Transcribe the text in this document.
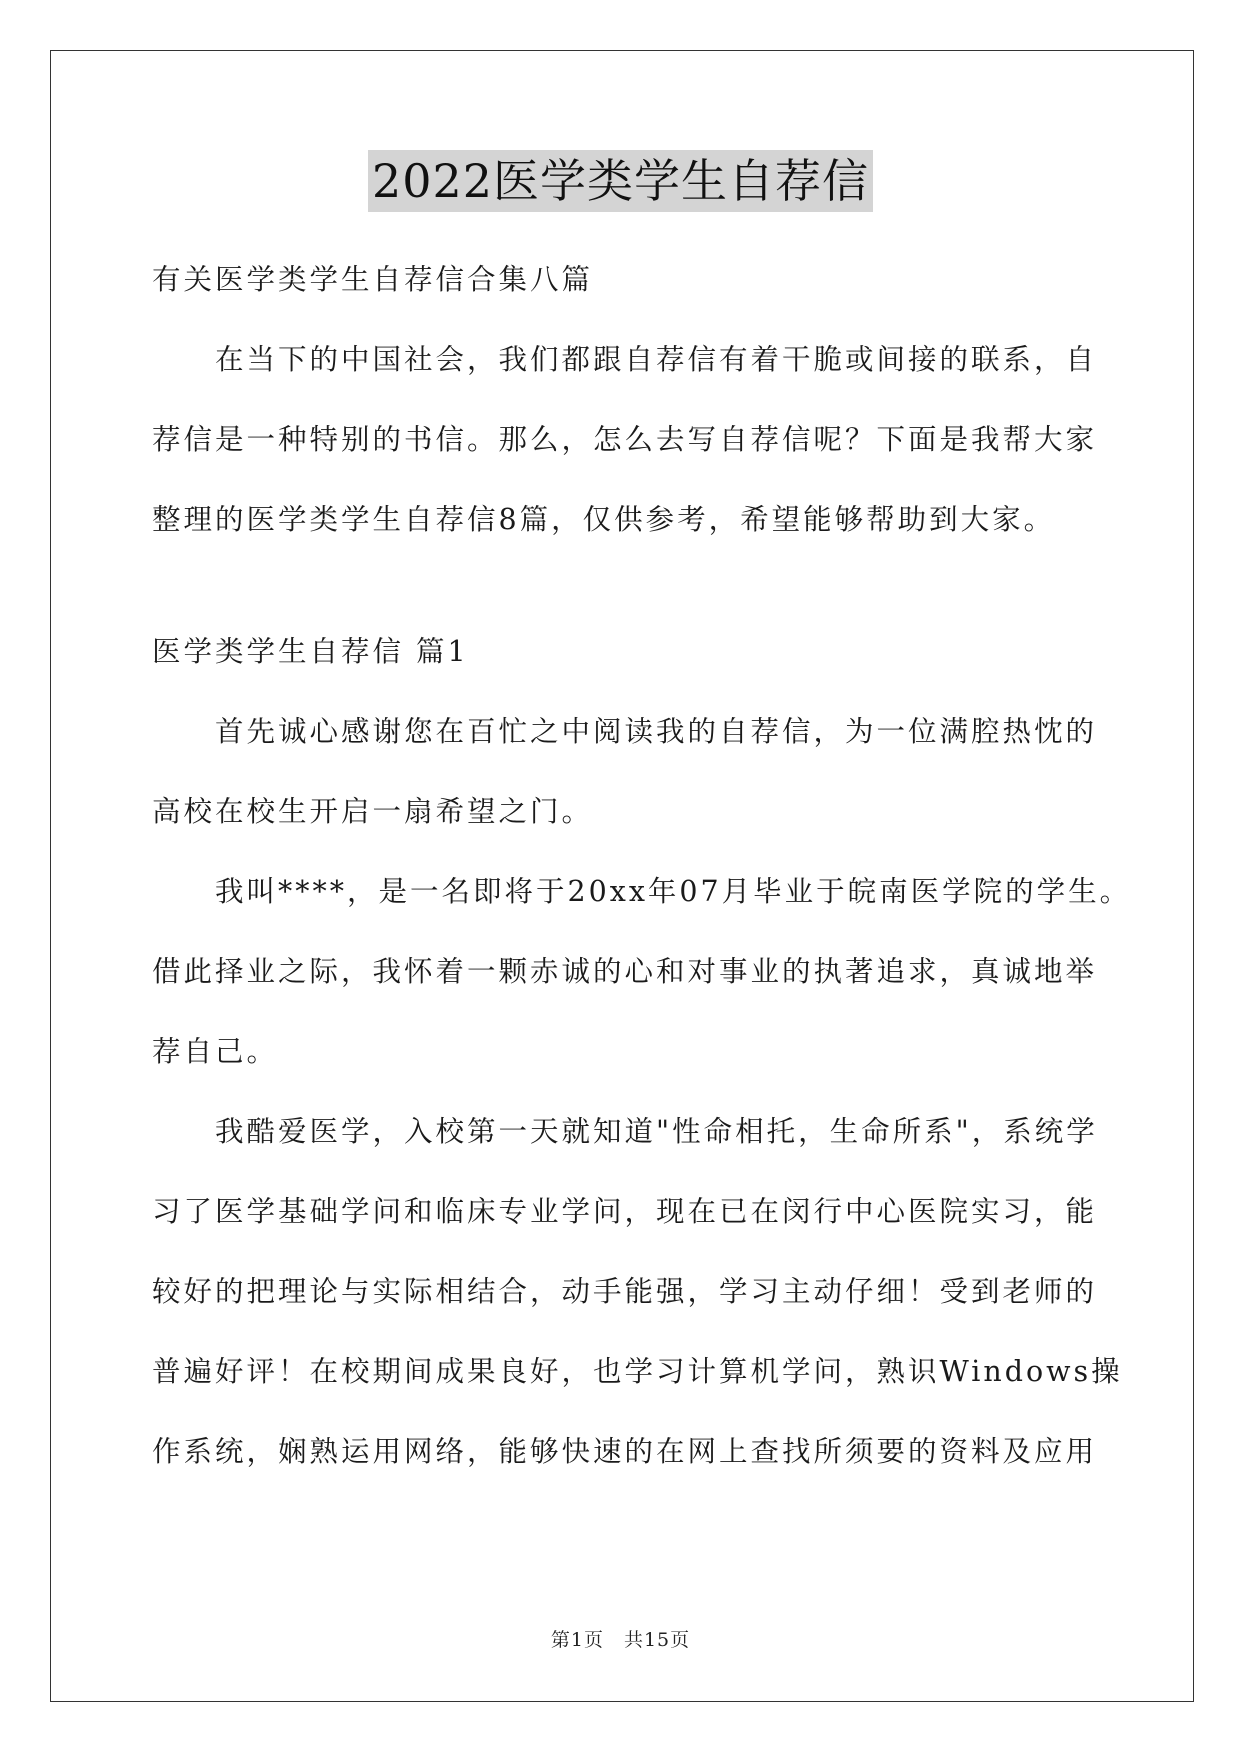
2022医学类学生自荐信
有关医学类学生自荐信合集八篇
在当下的中国社会，我们都跟自荐信有着干脆或间接的联系，自
荐信是一种特别的书信。那么，怎么去写自荐信呢？下面是我帮大家
整理的医学类学生自荐信8篇，仅供参考，希望能够帮助到大家。
医学类学生自荐信 篇1
首先诚心感谢您在百忙之中阅读我的自荐信，为一位满腔热忱的
高校在校生开启一扇希望之门。
我叫****，是一名即将于20xx年07月毕业于皖南医学院的学生。
借此择业之际，我怀着一颗赤诚的心和对事业的执著追求，真诚地举
荐自己。
我酷爱医学，入校第一天就知道"性命相托，生命所系"，系统学
习了医学基础学问和临床专业学问，现在已在闵行中心医院实习，能
较好的把理论与实际相结合，动手能强，学习主动仔细！受到老师的
普遍好评！在校期间成果良好，也学习计算机学问，熟识Windows操
作系统，娴熟运用网络，能够快速的在网上查找所须要的资料及应用
第1页　共15页
